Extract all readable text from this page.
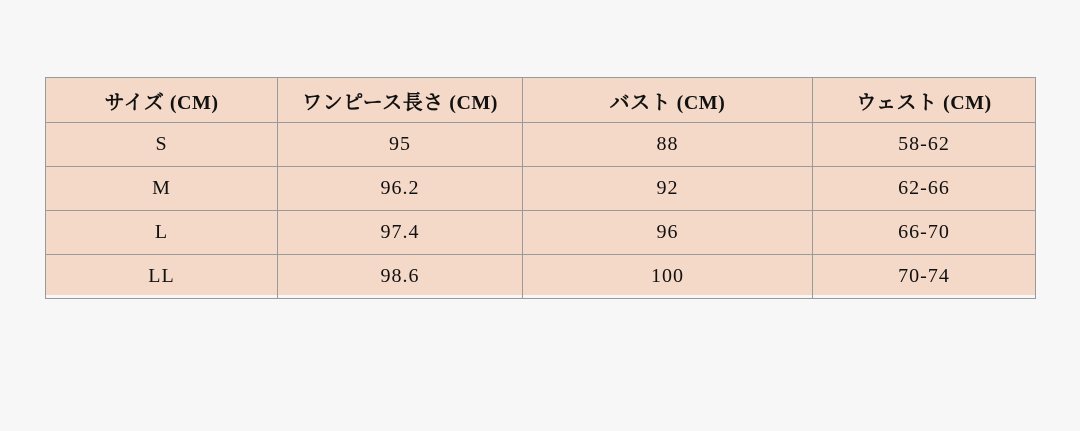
サイズ (CM)	ワンピース長さ (CM)	バスト (CM)	ウェスト (CM)
S	95	88	58-62
M	96.2	92	62-66
L	97.4	96	66-70
LL	98.6	100	70-74
